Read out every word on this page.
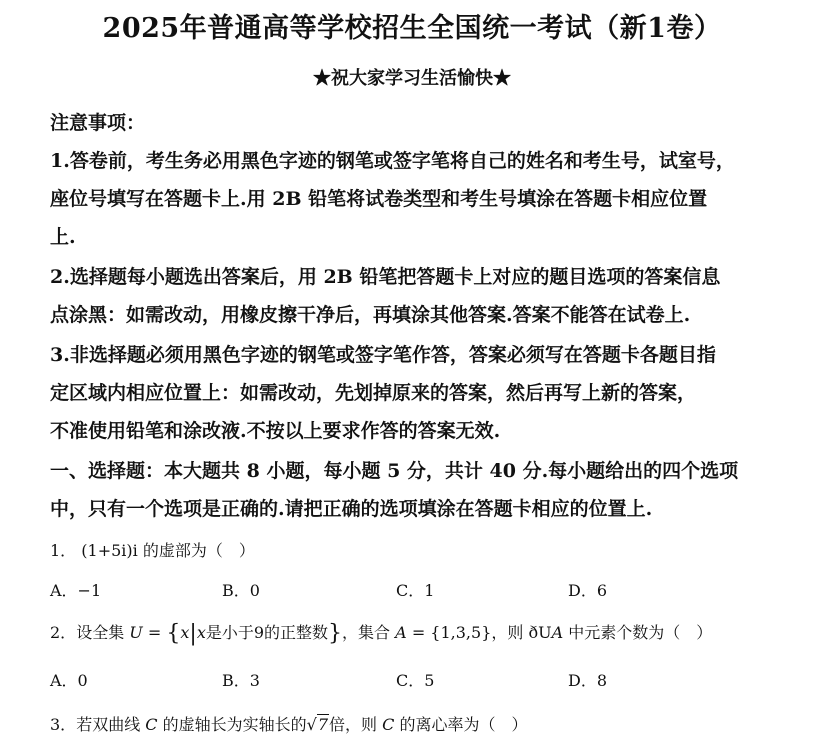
2025年普通高等学校招生全国统一考试（新1卷）
★祝大家学习生活愉快★
注意事项：
1.答卷前，考生务必用黑色字迹的钢笔或签字笔将自己的姓名和考生号，试室号，
座位号填写在答题卡上.用 2B 铅笔将试卷类型和考生号填涂在答题卡相应位置
上.
2.选择题每小题选出答案后，用 2B 铅笔把答题卡上对应的题目选项的答案信息
点涂黑：如需改动，用橡皮擦干净后，再填涂其他答案.答案不能答在试卷上.
3.非选择题必须用黑色字迹的钢笔或签字笔作答，答案必须写在答题卡各题目指
定区域内相应位置上：如需改动，先划掉原来的答案，然后再写上新的答案，
不准使用铅笔和涂改液.不按以上要求作答的答案无效.
一、选择题：本大题共 8 小题，每小题 5 分，共计 40 分.每小题给出的四个选项
中，只有一个选项是正确的.请把正确的选项填涂在答题卡相应的位置上.
1． (1+5i)i 的虚部为（　）
A．−1	B．0	C．1	D．6
2．设全集 U = {x|x是小于9的正整数}，集合 A = {1,3,5}，则 ðUA 中元素个数为（　）
A．0	B．3	C．5	D．8
3．若双曲线 C 的虚轴长为实轴长的√7倍，则 C 的离心率为（　）
